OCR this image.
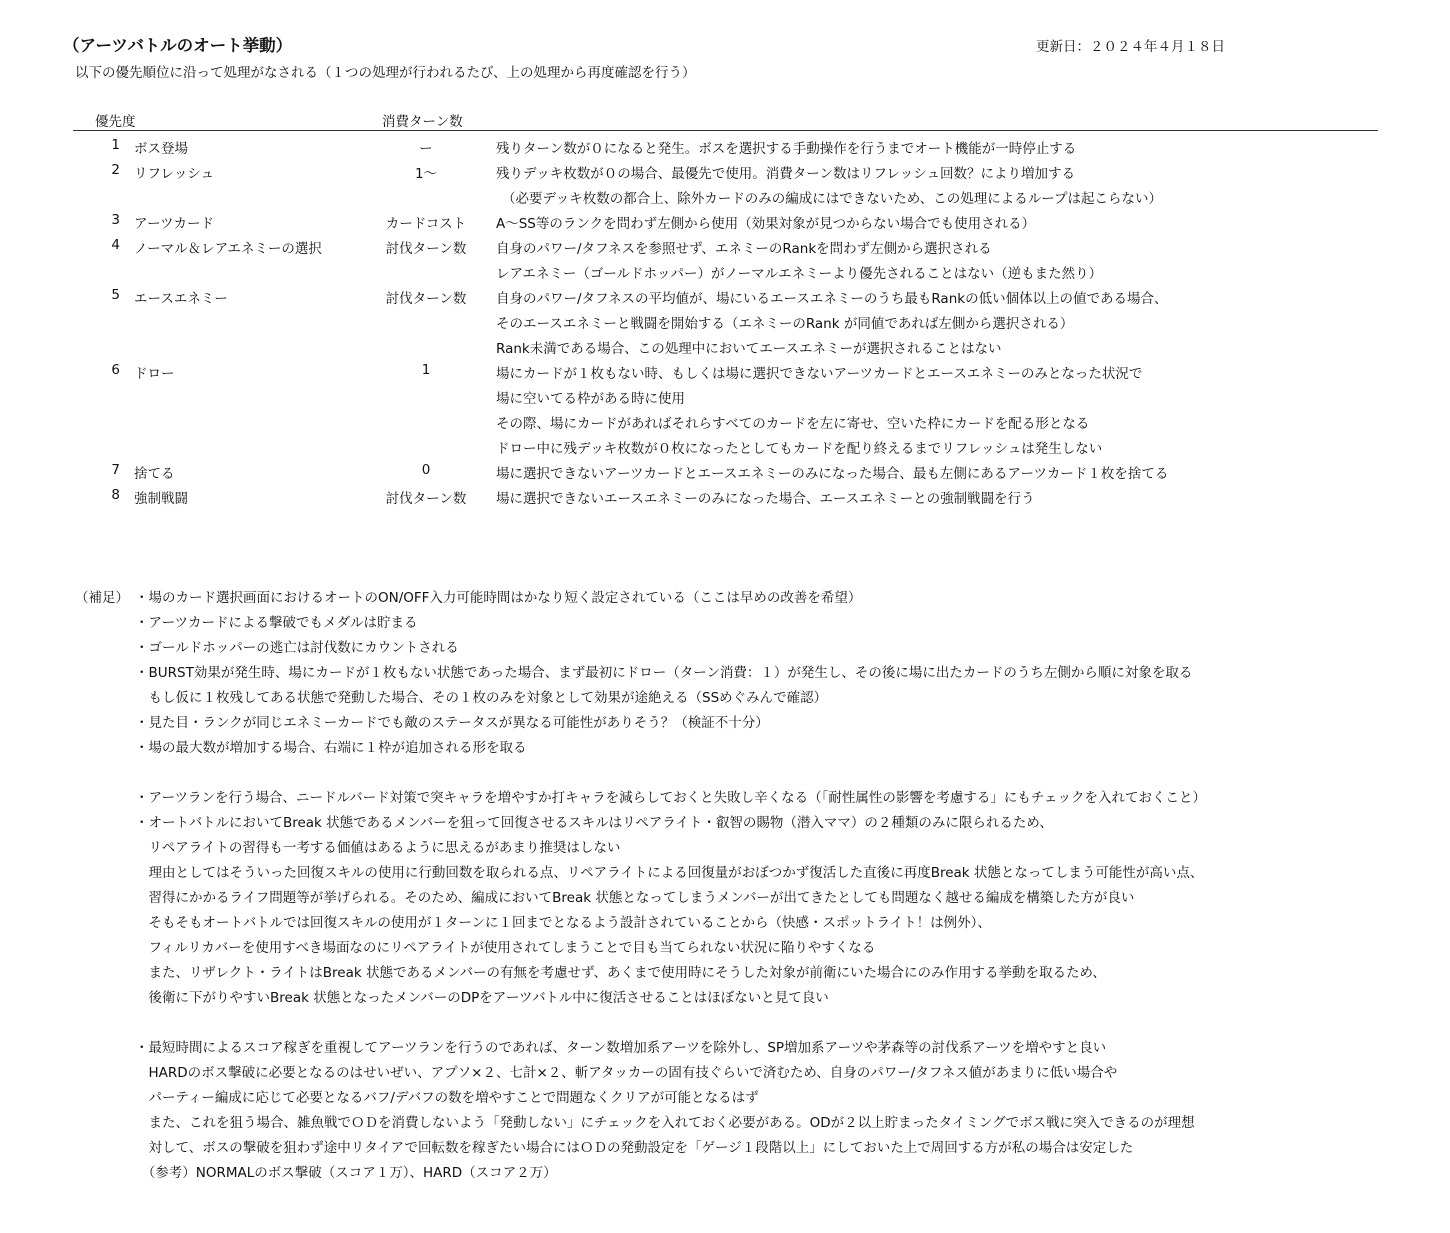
（アーツバトルのオート挙動）	更新日：２０２４年４月１８日
以下の優先順位に沿って処理がなされる（１つの処理が行われるたび、上の処理から再度確認を行う）
優先度	消費ターン数
1 ボス登場	ー	残りターン数が０になると発生。ボスを選択する手動操作を行うまでオート機能が一時停止する
2 リフレッシュ	1～	残りデッキ枚数が０の場合、最優先で使用。消費ターン数はリフレッシュ回数？により増加する
（必要デッキ枚数の都合上、除外カードのみの編成にはできないため、この処理によるループは起こらない）
3 アーツカード	カードコスト	A～SS等のランクを問わず左側から使用（効果対象が見つからない場合でも使用される）
4 ノーマル＆レアエネミーの選択	討伐ターン数	自身のパワー/タフネスを参照せず、エネミーのRankを問わず左側から選択される
レアエネミー（ゴールドホッパー）がノーマルエネミーより優先されることはない（逆もまた然り）
5 エースエネミー	討伐ターン数	自身のパワー/タフネスの平均値が、場にいるエースエネミーのうち最もRankの低い個体以上の値である場合、
そのエースエネミーと戦闘を開始する（エネミーのRank が同値であれば左側から選択される）
Rank未満である場合、この処理中においてエースエネミーが選択されることはない
6 ドロー	1	場にカードが１枚もない時、もしくは場に選択できないアーツカードとエースエネミーのみとなった状況で
場に空いてる枠がある時に使用
その際、場にカードがあればそれらすべてのカードを左に寄せ、空いた枠にカードを配る形となる
ドロー中に残デッキ枚数が０枚になったとしてもカードを配り終えるまでリフレッシュは発生しない
7 捨てる	0	場に選択できないアーツカードとエースエネミーのみになった場合、最も左側にあるアーツカード１枚を捨てる
8 強制戦闘	討伐ターン数	場に選択できないエースエネミーのみになった場合、エースエネミーとの強制戦闘を行う
（補足） ・場のカード選択画面におけるオートのON/OFF入力可能時間はかなり短く設定されている（ここは早めの改善を希望）
・アーツカードによる撃破でもメダルは貯まる
・ゴールドホッパーの逃亡は討伐数にカウントされる
・BURST効果が発生時、場にカードが１枚もない状態であった場合、まず最初にドロー（ターン消費：１）が発生し、その後に場に出たカードのうち左側から順に対象を取る
　もし仮に１枚残してある状態で発動した場合、その１枚のみを対象として効果が途絶える（SSめぐみんで確認）
・見た目・ランクが同じエネミーカードでも敵のステータスが異なる可能性がありそう？（検証不十分）
・場の最大数が増加する場合、右端に１枠が追加される形を取る
・アーツランを行う場合、ニードルバード対策で突キャラを増やすか打キャラを減らしておくと失敗し辛くなる（「耐性属性の影響を考慮する」にもチェックを入れておくこと）
・オートバトルにおいてBreak 状態であるメンバーを狙って回復させるスキルはリペアライト・叡智の賜物（潜入ママ）の２種類のみに限られるため、
　リペアライトの習得も一考する価値はあるように思えるがあまり推奨はしない
　理由としてはそういった回復スキルの使用に行動回数を取られる点、リペアライトによる回復量がおぼつかず復活した直後に再度Break 状態となってしまう可能性が高い点、
　習得にかかるライフ問題等が挙げられる。そのため、編成においてBreak 状態となってしまうメンバーが出てきたとしても問題なく越せる編成を構築した方が良い
　そもそもオートバトルでは回復スキルの使用が１ターンに１回までとなるよう設計されていることから（快感・スポットライト！は例外）、
　フィルリカバーを使用すべき場面なのにリペアライトが使用されてしまうことで目も当てられない状況に陥りやすくなる
　また、リザレクト・ライトはBreak 状態であるメンバーの有無を考慮せず、あくまで使用時にそうした対象が前衛にいた場合にのみ作用する挙動を取るため、
　後衛に下がりやすいBreak 状態となったメンバーのDPをアーツバトル中に復活させることはほぼないと見て良い
・最短時間によるスコア稼ぎを重視してアーツランを行うのであれば、ターン数増加系アーツを除外し、SP増加系アーツや茅森等の討伐系アーツを増やすと良い
　HARDのボス撃破に必要となるのはせいぜい、アプソ×２、七計×２、斬アタッカーの固有技ぐらいで済むため、自身のパワー/タフネス値があまりに低い場合や
　パーティー編成に応じて必要となるバフ/デバフの数を増やすことで問題なくクリアが可能となるはず
　また、これを狙う場合、雑魚戦でＯＤを消費しないよう「発動しない」にチェックを入れておく必要がある。ODが２以上貯まったタイミングでボス戦に突入できるのが理想
　対して、ボスの撃破を狙わず途中リタイアで回転数を稼ぎたい場合にはＯＤの発動設定を「ゲージ１段階以上」にしておいた上で周回する方が私の場合は安定した
　（参考）NORMALのボス撃破（スコア１万）、HARD（スコア２万）
